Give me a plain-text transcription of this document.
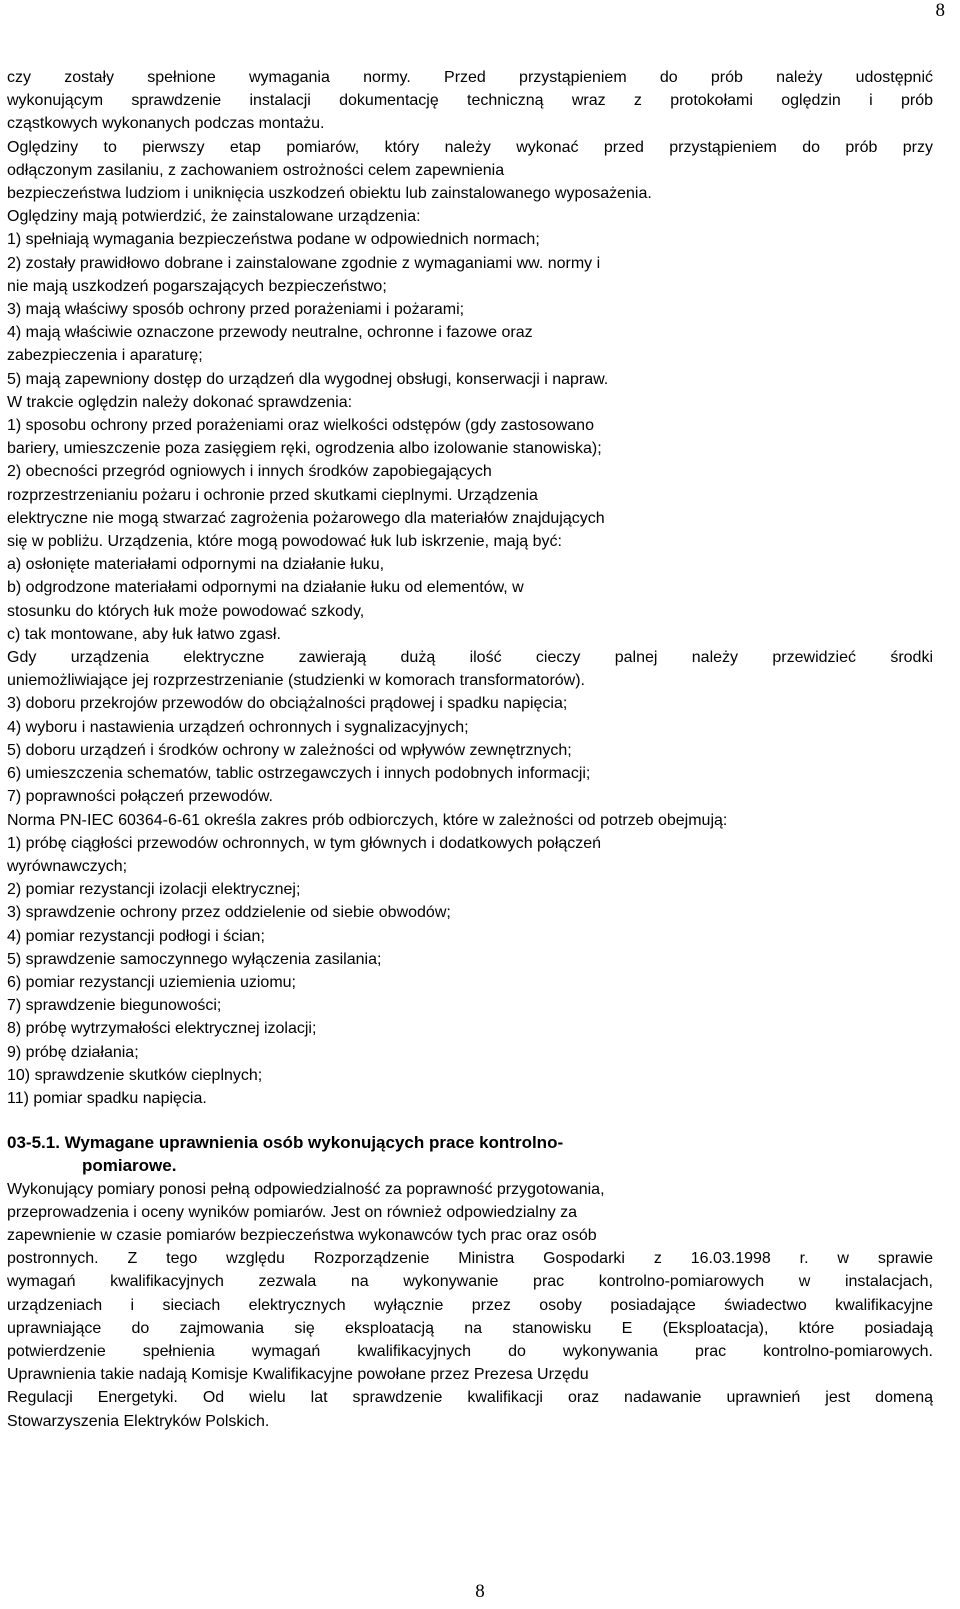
8

czy zostały spełnione wymagania normy. Przed przystąpieniem do prób należy udostępnić

wykonującym sprawdzenie instalacji dokumentację techniczną wraz z protokołami oględzin i prób

cząstkowych wykonanych podczas montażu.

Oględziny to pierwszy etap pomiarów, który należy wykonać przed przystąpieniem do prób przy

odłączonym zasilaniu, z zachowaniem ostrożności celem zapewnienia

bezpieczeństwa ludziom i uniknięcia uszkodzeń obiektu lub zainstalowanego wyposażenia.

Oględziny mają potwierdzić, że zainstalowane urządzenia:

1) spełniają wymagania bezpieczeństwa podane w odpowiednich normach;

2) zostały prawidłowo dobrane i zainstalowane zgodnie z wymaganiami ww. normy i

nie mają uszkodzeń pogarszających bezpieczeństwo;

3) mają właściwy sposób ochrony przed porażeniami i pożarami;

4) mają właściwie oznaczone przewody neutralne, ochronne i fazowe oraz

zabezpieczenia i aparaturę;

5) mają zapewniony dostęp do urządzeń dla wygodnej obsługi, konserwacji i napraw.

W trakcie oględzin należy dokonać sprawdzenia:

1) sposobu ochrony przed porażeniami oraz wielkości odstępów (gdy zastosowano

bariery, umieszczenie poza zasięgiem ręki, ogrodzenia albo izolowanie stanowiska);

2) obecności przegród ogniowych i innych środków zapobiegających

rozprzestrzenianiu pożaru i ochronie przed skutkami cieplnymi. Urządzenia

elektryczne nie mogą stwarzać zagrożenia pożarowego dla materiałów znajdujących

się w pobliżu. Urządzenia, które mogą powodować łuk lub iskrzenie, mają być:

a) osłonięte materiałami odpornymi na działanie łuku,

b) odgrodzone materiałami odpornymi na działanie łuku od elementów, w

stosunku do których łuk może powodować szkody,

c) tak montowane, aby łuk łatwo zgasł.

Gdy urządzenia elektryczne zawierają dużą ilość cieczy palnej należy przewidzieć środki

uniemożliwiające jej rozprzestrzenianie (studzienki w komorach transformatorów).

3) doboru przekrojów przewodów do obciążalności prądowej i spadku napięcia;

4) wyboru i nastawienia urządzeń ochronnych i sygnalizacyjnych;

5) doboru urządzeń i środków ochrony w zależności od wpływów zewnętrznych;

6) umieszczenia schematów, tablic ostrzegawczych i innych podobnych informacji;

7) poprawności połączeń przewodów.

Norma PN-IEC 60364-6-61 określa zakres prób odbiorczych, które w zależności od potrzeb obejmują:

1) próbę ciągłości przewodów ochronnych, w tym głównych i dodatkowych połączeń

wyrównawczych;

2) pomiar rezystancji izolacji elektrycznej;

3) sprawdzenie ochrony przez oddzielenie od siebie obwodów;

4) pomiar rezystancji podłogi i ścian;

5) sprawdzenie samoczynnego wyłączenia zasilania;

6) pomiar rezystancji uziemienia uziomu;

7) sprawdzenie biegunowości;

8) próbę wytrzymałości elektrycznej izolacji;

9) próbę działania;

10) sprawdzenie skutków cieplnych;

11) pomiar spadku napięcia.

03-5.1. Wymagane uprawnienia osób wykonujących prace kontrolno-
pomiarowe.

Wykonujący pomiary ponosi pełną odpowiedzialność za poprawność przygotowania,

przeprowadzenia i oceny wyników pomiarów. Jest on również odpowiedzialny za

zapewnienie w czasie pomiarów bezpieczeństwa wykonawców tych prac oraz osób

postronnych. Z tego względu Rozporządzenie Ministra Gospodarki z 16.03.1998 r. w sprawie

wymagań kwalifikacyjnych zezwala na wykonywanie prac kontrolno-pomiarowych w instalacjach,

urządzeniach i sieciach elektrycznych wyłącznie przez osoby posiadające świadectwo kwalifikacyjne

uprawniające do zajmowania się eksploatacją na stanowisku E (Eksploatacja), które posiadają

potwierdzenie spełnienia wymagań kwalifikacyjnych do wykonywania prac kontrolno-pomiarowych.

Uprawnienia takie nadają Komisje Kwalifikacyjne powołane przez Prezesa Urzędu

Regulacji Energetyki. Od wielu lat sprawdzenie kwalifikacji oraz nadawanie uprawnień jest domeną

Stowarzyszenia Elektryków Polskich.

8
